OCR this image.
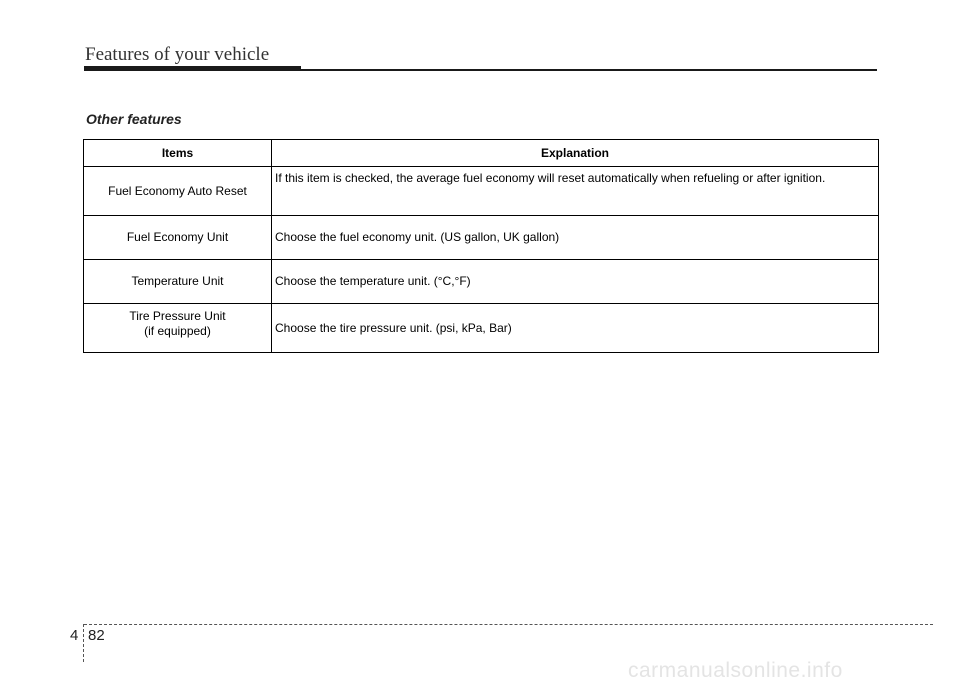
Features of your vehicle
Other features
Items	Explanation
Fuel Economy Auto Reset	If this item is checked, the average fuel economy will reset automatically when refueling or after ignition.
Fuel Economy Unit	Choose the fuel economy unit. (US gallon, UK gallon)
Temperature Unit	Choose the temperature unit. (°C,°F)

Tire Pressure Unit
(if equipped)	Choose the tire pressure unit. (psi, kPa, Bar)
4 82
carmanualsonline.info
